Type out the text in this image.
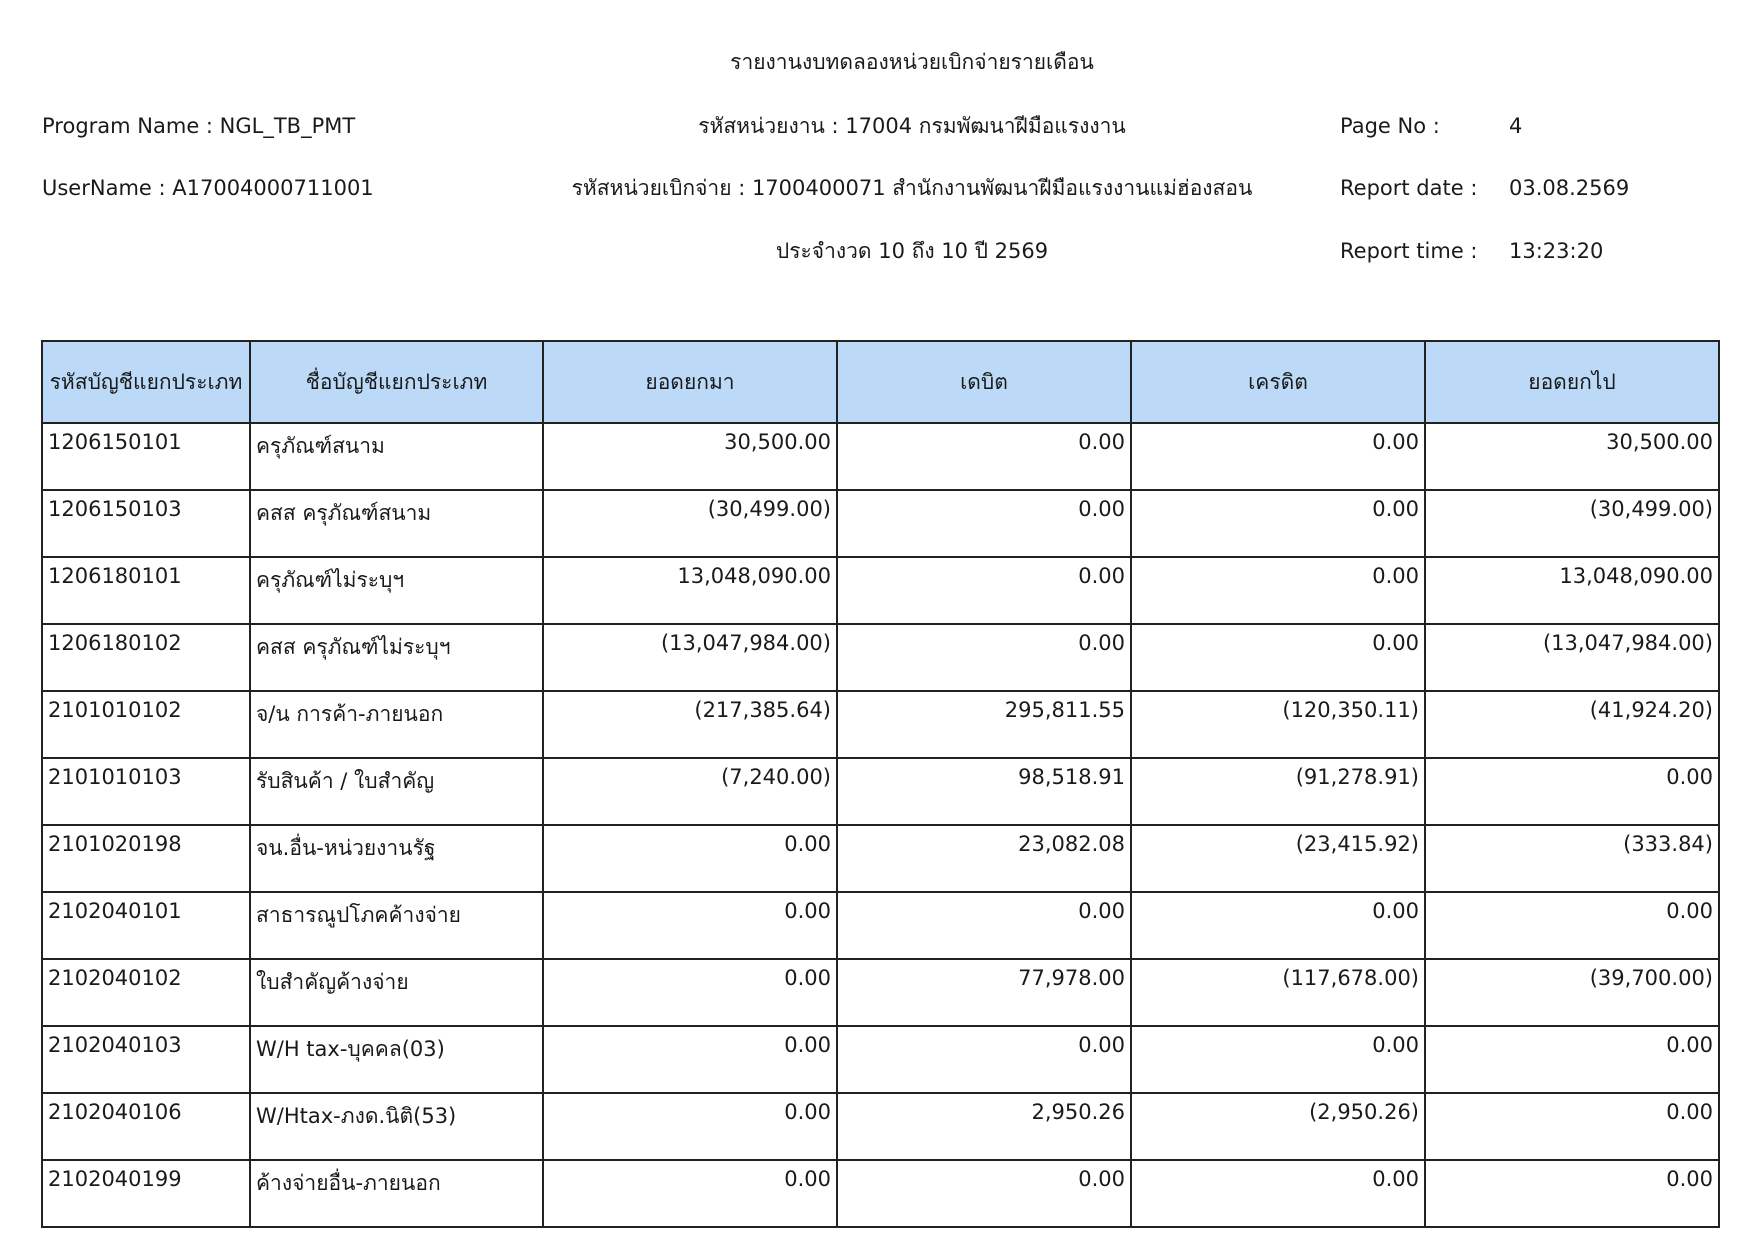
รายงานงบทดลองหน่วยเบิกจ่ายรายเดือน
Program Name : NGL_TB_PMT	รหัสหน่วยงาน : 17004 กรมพัฒนาฝีมือแรงงาน	Page No :	4
UserName : A17004000711001	รหัสหน่วยเบิกจ่าย : 1700400071 สำนักงานพัฒนาฝีมือแรงงานแม่ฮ่องสอน	Report date : 03.08.2569
ประจำงวด 10 ถึง 10 ปี 2569	Report time : 13:23:20
รหัสบัญชีแยกประเภท	ชื่อบัญชีแยกประเภท	ยอดยกมา	เดบิต	เครดิต	ยอดยกไป
1206150101	ครุภัณฑ์สนาม	30,500.00	0.00	0.00	30,500.00
1206150103	คสส ครุภัณฑ์สนาม	(30,499.00)	0.00	0.00	(30,499.00)
1206180101	ครุภัณฑ์ไม่ระบุฯ	13,048,090.00	0.00	0.00	13,048,090.00
1206180102	คสส ครุภัณฑ์ไม่ระบุฯ	(13,047,984.00)	0.00	0.00	(13,047,984.00)
2101010102	จ/น การค้า-ภายนอก	(217,385.64)	295,811.55	(120,350.11)	(41,924.20)
2101010103	รับสินค้า / ใบสำคัญ	(7,240.00)	98,518.91	(91,278.91)	0.00
2101020198	จน.อื่น-หน่วยงานรัฐ	0.00	23,082.08	(23,415.92)	(333.84)
2102040101	สาธารณูปโภคค้างจ่าย	0.00	0.00	0.00	0.00
2102040102	ใบสำคัญค้างจ่าย	0.00	77,978.00	(117,678.00)	(39,700.00)
2102040103	W/H tax-บุคคล(03)	0.00	0.00	0.00	0.00
2102040106	W/Htax-ภงด.นิติ(53)	0.00	2,950.26	(2,950.26)	0.00
2102040199	ค้างจ่ายอื่น-ภายนอก	0.00	0.00	0.00	0.00
